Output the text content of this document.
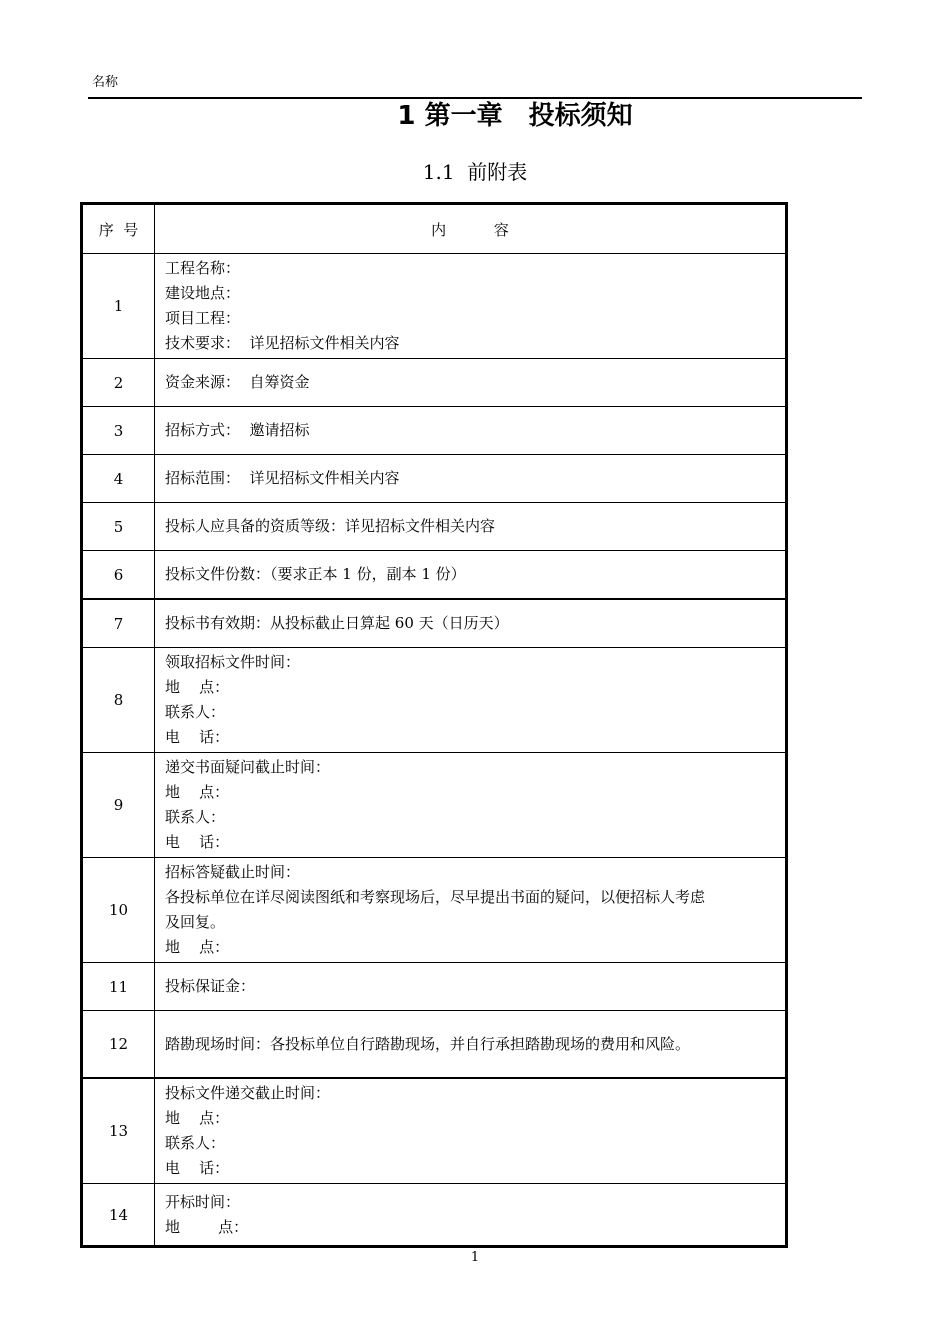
名称
1 第一章　投标须知
1.1  前附表
序  号	内          容
1	工程名称：
建设地点：
项目工程：
技术要求：  详见招标文件相关内容

2	资金来源：  自筹资金

3	招标方式：  邀请招标

4	招标范围：  详见招标文件相关内容

5	投标人应具备的资质等级：详见招标文件相关内容

6	投标文件份数：（要求正本 1 份，副本 1 份）

7	投标书有效期：从投标截止日算起 60 天（日历天）

8	领取招标文件时间：
地    点：
联系人：
电    话：

9	递交书面疑问截止时间：
地    点：
联系人：
电    话：

10	招标答疑截止时间：
各投标单位在详尽阅读图纸和考察现场后，尽早提出书面的疑问，以便招标人考虑
及回复。
地    点：

11	投标保证金：

12	踏勘现场时间：各投标单位自行踏勘现场，并自行承担踏勘现场的费用和风险。

13	投标文件递交截止时间：
地    点：
联系人：
电    话：

14	开标时间：
地        点：
1
